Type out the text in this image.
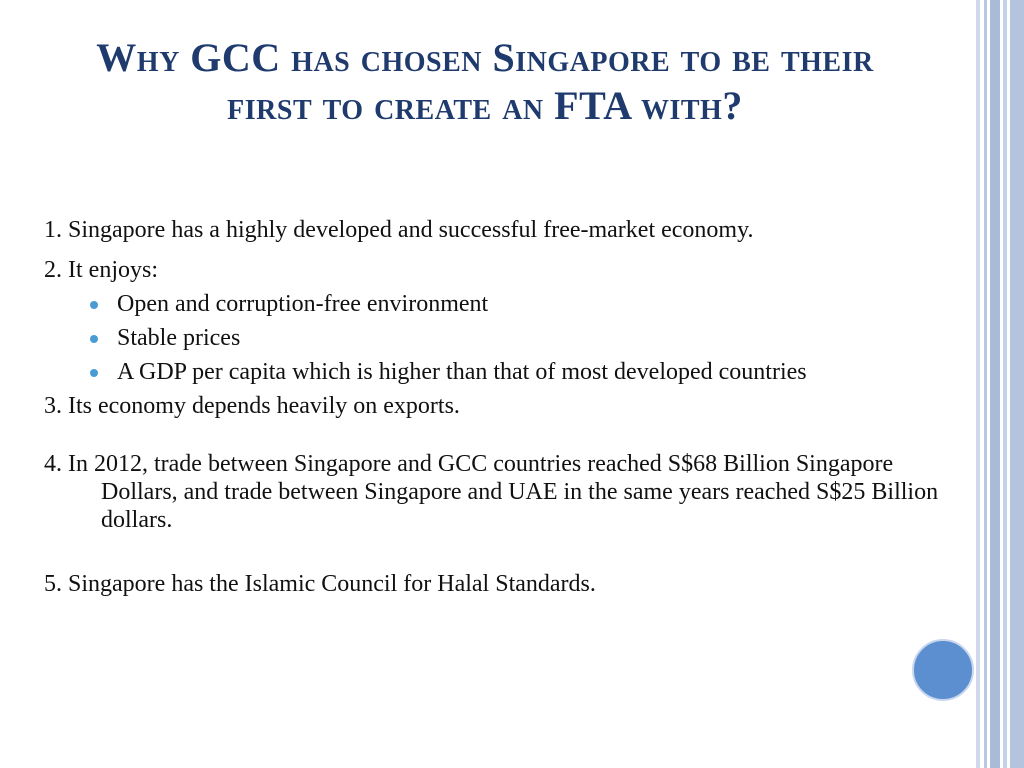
Why GCC has chosen Singapore to be their first to create an FTA with?

1. Singapore has a highly developed and successful free-market economy.

2. It enjoys:

Open and corruption-free environment
Stable prices
A GDP per capita which is higher than that of most developed countries

3. Its economy depends heavily on exports.

4. In 2012, trade between Singapore and GCC countries reached S$68 Billion Singapore Dollars, and trade between Singapore and UAE in the same years reached S$25 Billion dollars.

5. Singapore has the Islamic Council for Halal Standards.
